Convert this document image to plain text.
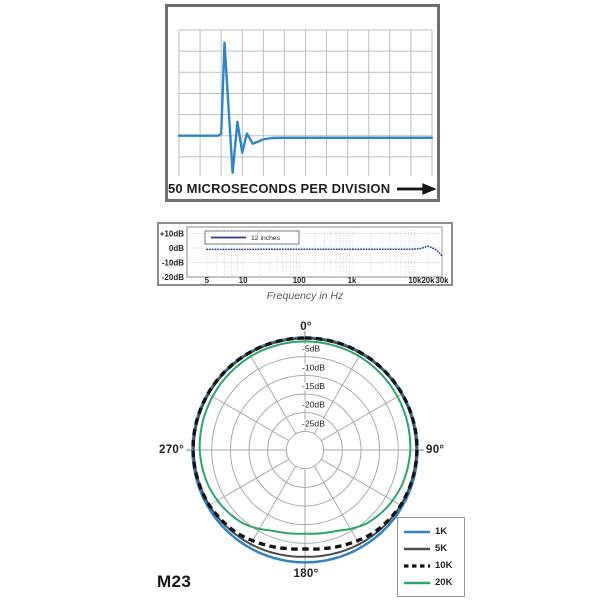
50 MICROSECONDS PER DIVISION
+10dB
0dB
-10dB
-20dB	5	10	100	1k	10k 20k 30k
12 inches
Frequency in Hz
-5dB
-10dB
-15dB
-20dB
-25dB
0°
90°
180°
270°
1K
5K
10K
20K
M23
